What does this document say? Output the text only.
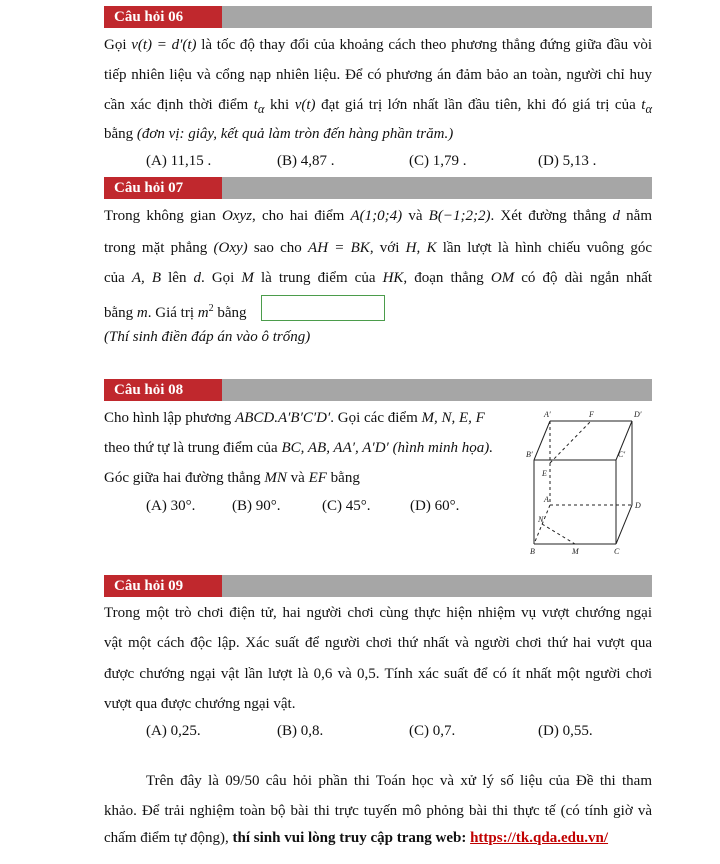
Câu hỏi 06
Gọi v(t) = d′(t) là tốc độ thay đổi của khoảng cách theo phương thẳng đứng giữa đầu vòi
tiếp nhiên liệu và cổng nạp nhiên liệu. Để có phương án đảm bảo an toàn, người chỉ huy
cần xác định thời điểm $t_\alpha$ khi v(t) đạt giá trị lớn nhất lần đầu tiên, khi đó giá trị của $t_\alpha$
bằng (đơn vị: giây, kết quả làm tròn đến hàng phần trăm.)
(A) 11,15 .	(B) 4,87 .	(C) 1,79 .	(D) 5,13 .
Câu hỏi 07
Trong không gian Oxyz, cho hai điểm A(1;0;4) và B(−1;2;2). Xét đường thẳng d nằm
trong mặt phẳng (Oxy) sao cho AH = BK, với H, K lần lượt là hình chiếu vuông góc
của A, B lên d. Gọi M là trung điểm của HK, đoạn thẳng OM có độ dài ngắn nhất
bằng m. Giá trị $m^2$ bằng
(Thí sinh điền đáp án vào ô trống)
Câu hỏi 08
Cho hình lập phương ABCD.A′B′C′D′. Gọi các điểm M, N, E, F
theo thứ tự là trung điểm của BC, AB, AA′, A′D′ (hình minh họa).
Góc giữa hai đường thẳng MN và EF bằng
(A) 30°. (B) 90°.	(C) 45°.	(D) 60°.
A′	F	D′
B′	C′
E
A
D
N
B	M	C
Câu hỏi 09
Trong một trò chơi điện tử, hai người chơi cùng thực hiện nhiệm vụ vượt chướng ngại
vật một cách độc lập. Xác suất để người chơi thứ nhất và người chơi thứ hai vượt qua
được chướng ngại vật lần lượt là 0,6 và 0,5. Tính xác suất để có ít nhất một người chơi
vượt qua được chướng ngại vật.
(A) 0,25.	(B) 0,8.	(C) 0,7.	(D) 0,55.
Trên đây là 09/50 câu hỏi phần thi Toán học và xử lý số liệu của Đề thi tham
khảo. Để trải nghiệm toàn bộ bài thi trực tuyến mô phỏng bài thi thực tế (có tính giờ và
chấm điểm tự động), thí sinh vui lòng truy cập trang web: https://tk.qda.edu.vn/
